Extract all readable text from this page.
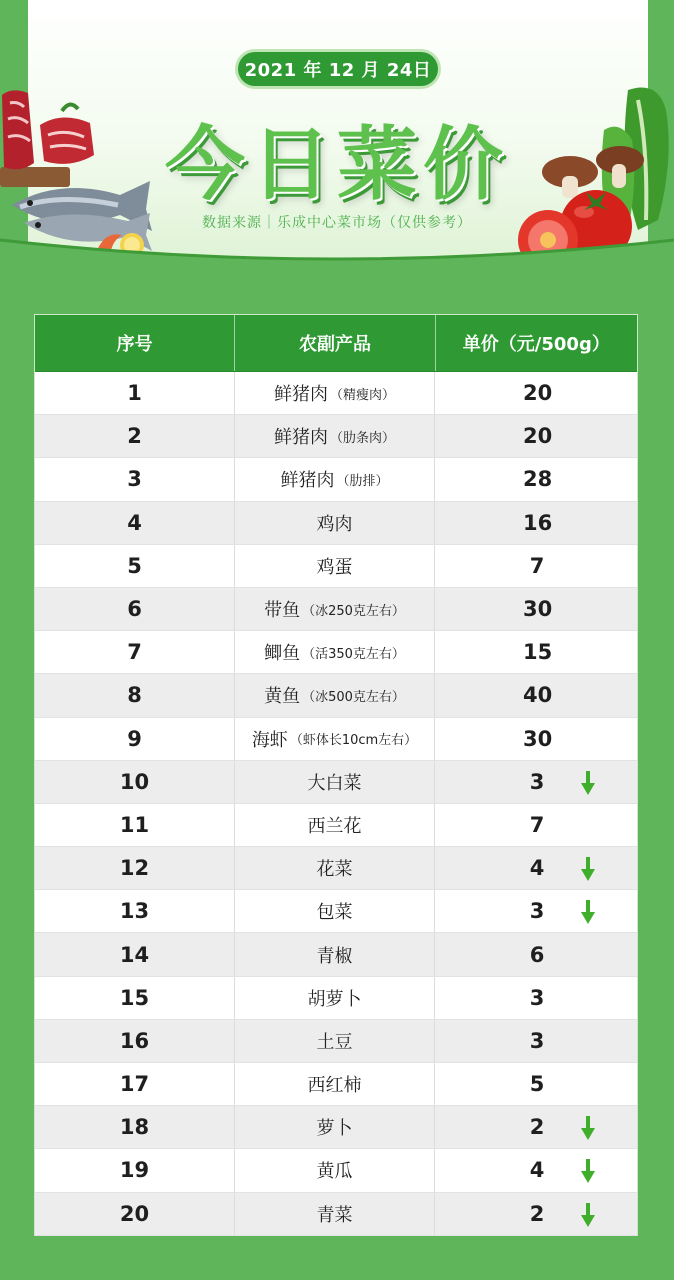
2021 年 12 月 24日
今日菜价
数据来源｜乐成中心菜市场（仅供参考）
序号	农副产品	单价（元/500g）
1	鲜猪肉 （精瘦肉）	20
2	鲜猪肉 （肋条肉）	20
3	鲜猪肉 （肋排）	28
4	鸡肉	16
5	鸡蛋	7
6	带鱼 （冰250克左右）	30
7	鲫鱼 （活350克左右）	15
8	黄鱼 （冰500克左右）	40
9	海虾 （虾体长10cm左右）	30
10	大白菜	3
11	西兰花	7
12	花菜	4
13	包菜	3
14	青椒	6
15	胡萝卜	3
16	土豆	3
17	西红柿	5
18	萝卜	2
19	黄瓜	4
20	青菜	2
